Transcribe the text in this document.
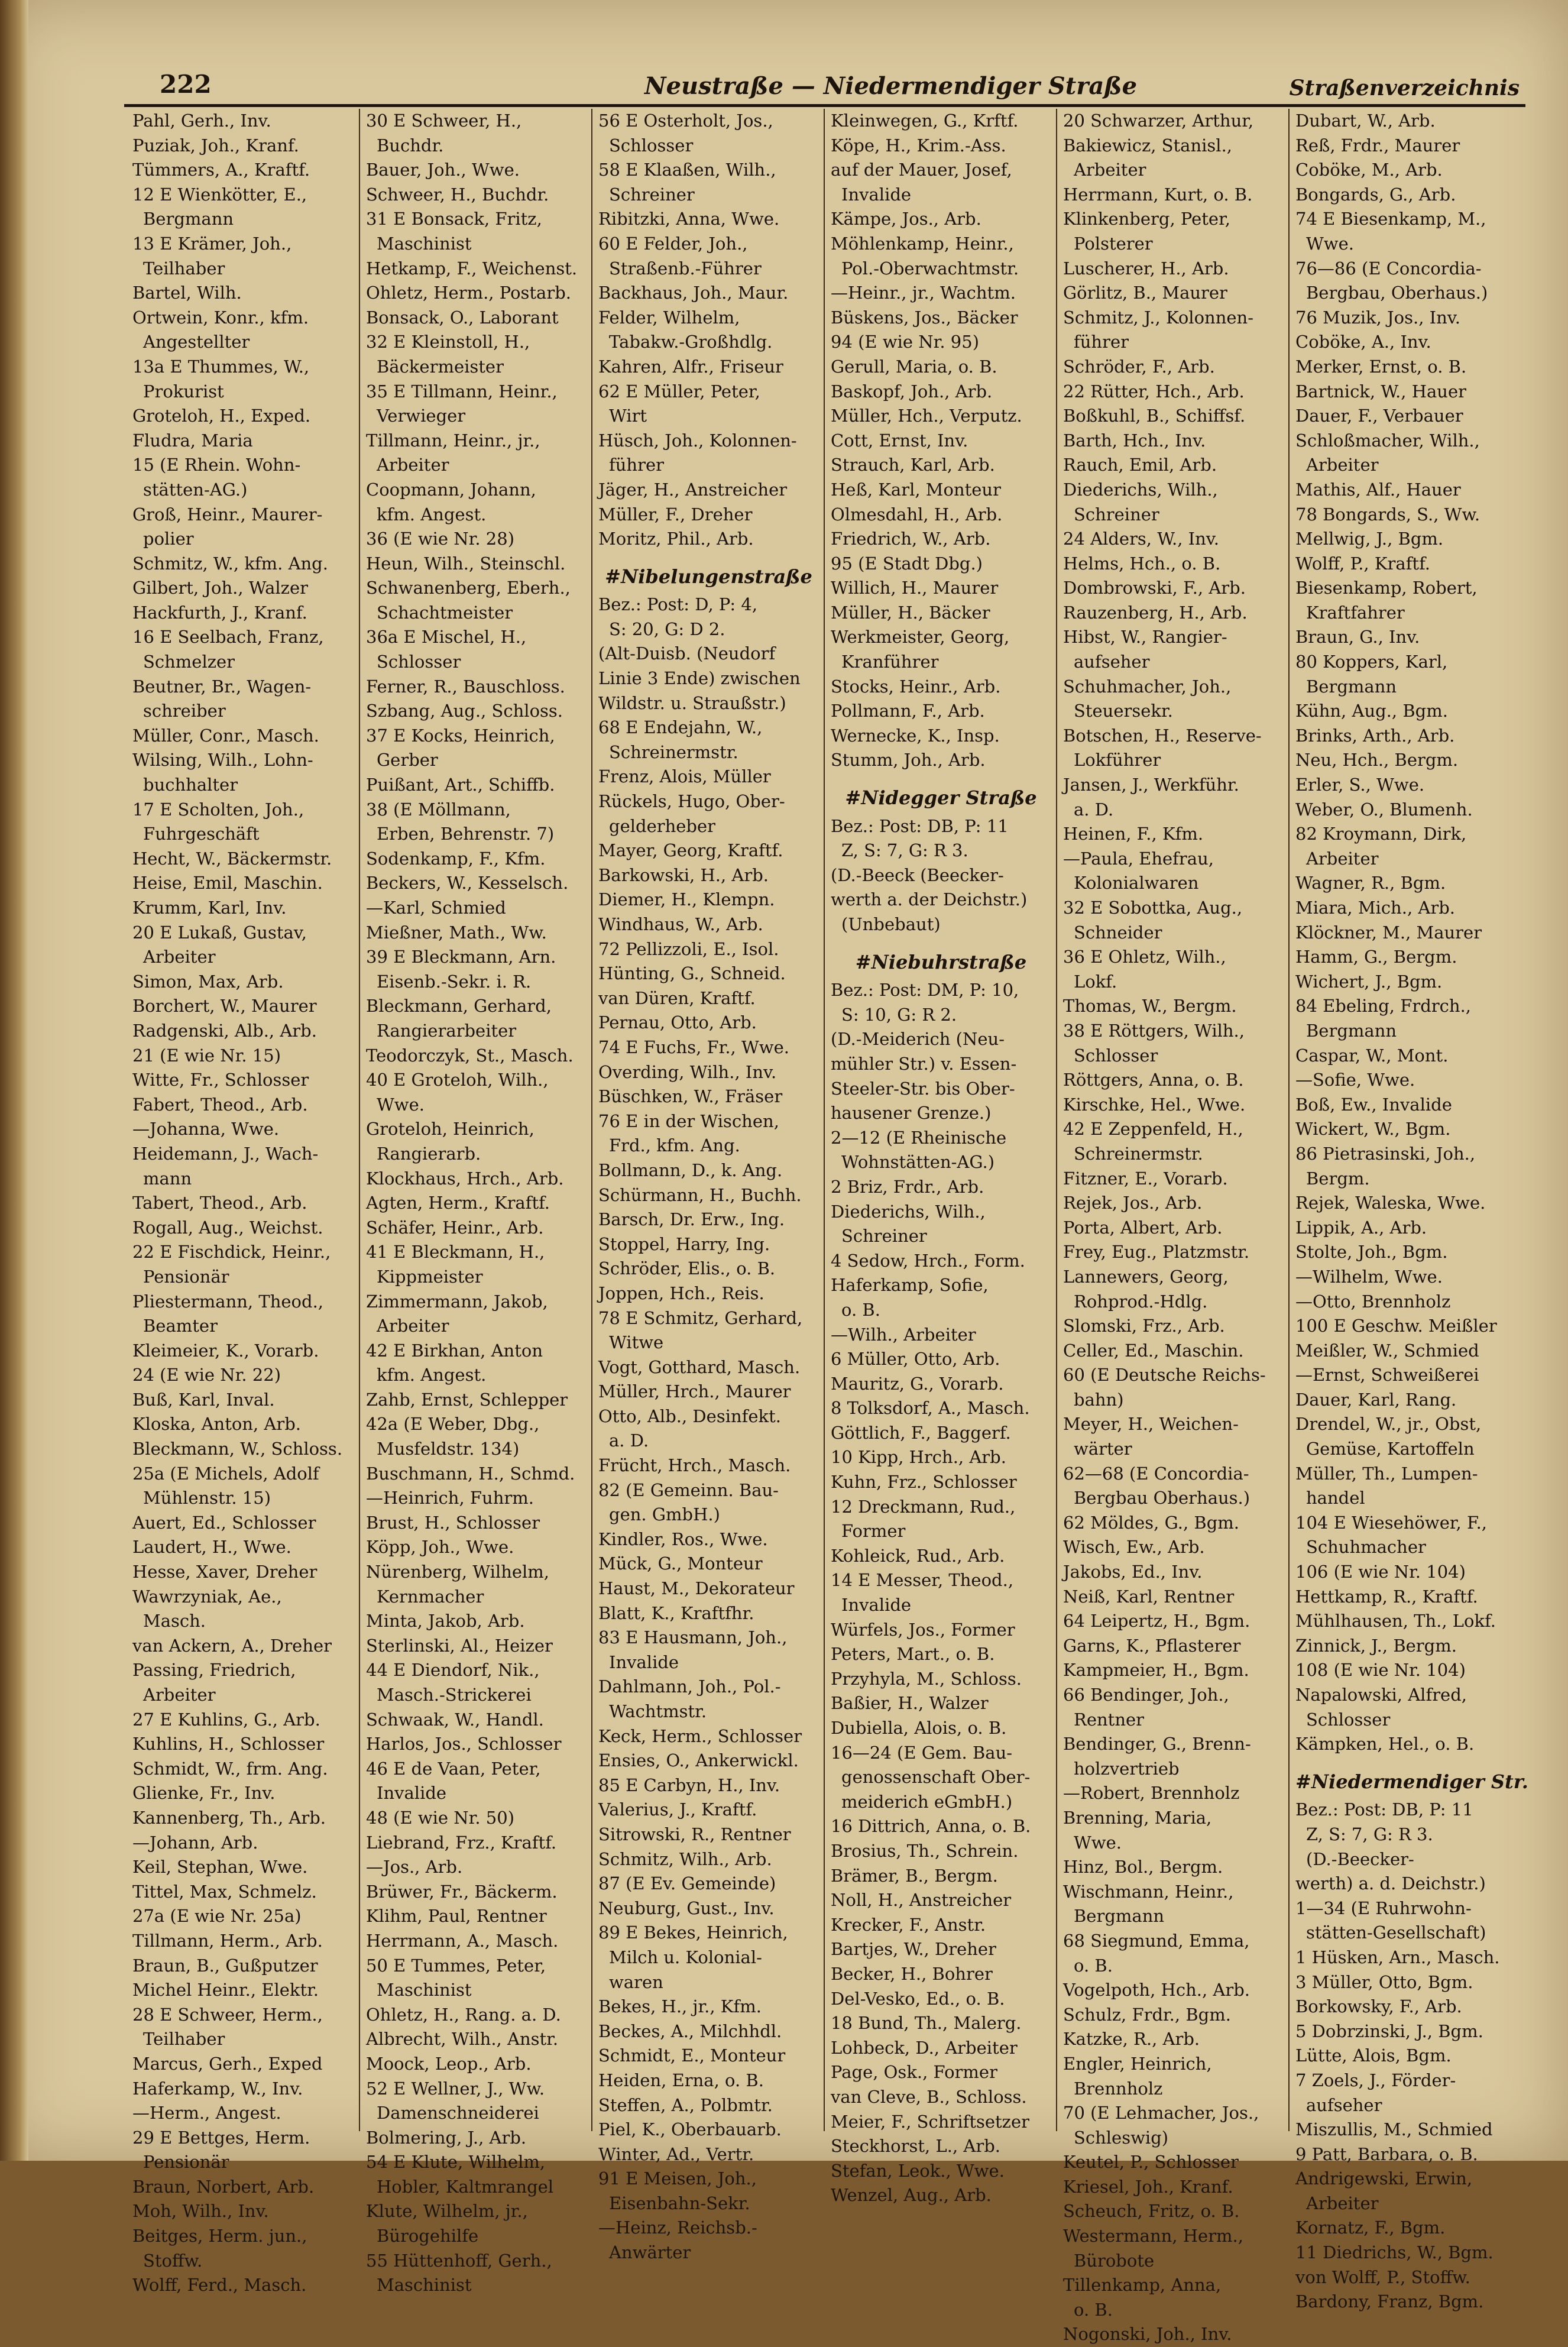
222	Neustraße — Niedermendiger Straße	Straßenverzeichnis
Pahl, Gerh., Inv.
Puziak, Joh., Kranf.
Tümmers, A., Kraftf.
12 E Wienkötter, E.,
Bergmann
13 E Krämer, Joh.,
Teilhaber
Bartel, Wilh.
Ortwein, Konr., kfm.
Angestellter
13a E Thummes, W.,
Prokurist
Groteloh, H., Exped.
Fludra, Maria
15 (E Rhein. Wohn-
stätten-AG.)
Groß, Heinr., Maurer-
polier
Schmitz, W., kfm. Ang.
Gilbert, Joh., Walzer
Hackfurth, J., Kranf.
16 E Seelbach, Franz,
Schmelzer
Beutner, Br., Wagen-
schreiber
Müller, Conr., Masch.
Wilsing, Wilh., Lohn-
buchhalter
17 E Scholten, Joh.,
Fuhrgeschäft
Hecht, W., Bäckermstr.
Heise, Emil, Maschin.
Krumm, Karl, Inv.
20 E Lukaß, Gustav,
Arbeiter
Simon, Max, Arb.
Borchert, W., Maurer
Radgenski, Alb., Arb.
21 (E wie Nr. 15)
Witte, Fr., Schlosser
Fabert, Theod., Arb.
—Johanna, Wwe.
Heidemann, J., Wach-
mann
Tabert, Theod., Arb.
Rogall, Aug., Weichst.
22 E Fischdick, Heinr.,
Pensionär
Pliestermann, Theod.,
Beamter
Kleimeier, K., Vorarb.
24 (E wie Nr. 22)
Buß, Karl, Inval.
Kloska, Anton, Arb.
Bleckmann, W., Schloss.
25a (E Michels, Adolf
Mühlenstr. 15)
Auert, Ed., Schlosser
Laudert, H., Wwe.
Hesse, Xaver, Dreher
Wawrzyniak, Ae.,
Masch.
van Ackern, A., Dreher
Passing, Friedrich,
Arbeiter
27 E Kuhlins, G., Arb.
Kuhlins, H., Schlosser
Schmidt, W., frm. Ang.
Glienke, Fr., Inv.
Kannenberg, Th., Arb.
—Johann, Arb.
Keil, Stephan, Wwe.
Tittel, Max, Schmelz.
27a (E wie Nr. 25a)
Tillmann, Herm., Arb.
Braun, B., Gußputzer
Michel Heinr., Elektr.
28 E Schweer, Herm.,
Teilhaber
Marcus, Gerh., Exped
Haferkamp, W., Inv.
—Herm., Angest.
29 E Bettges, Herm.
Pensionär
Braun, Norbert, Arb.
Moh, Wilh., Inv.
Beitges, Herm. jun.,
Stoffw.
Wolff, Ferd., Masch.
30 E Schweer, H.,
Buchdr.
Bauer, Joh., Wwe.
Schweer, H., Buchdr.
31 E Bonsack, Fritz,
Maschinist
Hetkamp, F., Weichenst.
Ohletz, Herm., Postarb.
Bonsack, O., Laborant
32 E Kleinstoll, H.,
Bäckermeister
35 E Tillmann, Heinr.,
Verwieger
Tillmann, Heinr., jr.,
Arbeiter
Coopmann, Johann,
kfm. Angest.
36 (E wie Nr. 28)
Heun, Wilh., Steinschl.
Schwanenberg, Eberh.,
Schachtmeister
36a E Mischel, H.,
Schlosser
Ferner, R., Bauschloss.
Szbang, Aug., Schloss.
37 E Kocks, Heinrich,
Gerber
Puißant, Art., Schiffb.
38 (E Möllmann,
Erben, Behrenstr. 7)
Sodenkamp, F., Kfm.
Beckers, W., Kesselsch.
—Karl, Schmied
Mießner, Math., Ww.
39 E Bleckmann, Arn.
Eisenb.-Sekr. i. R.
Bleckmann, Gerhard,
Rangierarbeiter
Teodorczyk, St., Masch.
40 E Groteloh, Wilh.,
Wwe.
Groteloh, Heinrich,
Rangierarb.
Klockhaus, Hrch., Arb.
Agten, Herm., Kraftf.
Schäfer, Heinr., Arb.
41 E Bleckmann, H.,
Kippmeister
Zimmermann, Jakob,
Arbeiter
42 E Birkhan, Anton
kfm. Angest.
Zahb, Ernst, Schlepper
42a (E Weber, Dbg.,
Musfeldstr. 134)
Buschmann, H., Schmd.
—Heinrich, Fuhrm.
Brust, H., Schlosser
Köpp, Joh., Wwe.
Nürenberg, Wilhelm,
Kernmacher
Minta, Jakob, Arb.
Sterlinski, Al., Heizer
44 E Diendorf, Nik.,
Masch.-Strickerei
Schwaak, W., Handl.
Harlos, Jos., Schlosser
46 E de Vaan, Peter,
Invalide
48 (E wie Nr. 50)
Liebrand, Frz., Kraftf.
—Jos., Arb.
Brüwer, Fr., Bäckerm.
Klihm, Paul, Rentner
Herrmann, A., Masch.
50 E Tummes, Peter,
Maschinist
Ohletz, H., Rang. a. D.
Albrecht, Wilh., Anstr.
Moock, Leop., Arb.
52 E Wellner, J., Ww.
Damenschneiderei
Bolmering, J., Arb.
54 E Klute, Wilhelm,
Hobler, Kaltmrangel
Klute, Wilhelm, jr.,
Bürogehilfe
55 Hüttenhoff, Gerh.,
Maschinist
56 E Osterholt, Jos.,
Schlosser
58 E Klaaßen, Wilh.,
Schreiner
Ribitzki, Anna, Wwe.
60 E Felder, Joh.,
Straßenb.-Führer
Backhaus, Joh., Maur.
Felder, Wilhelm,
Tabakw.-Großhdlg.
Kahren, Alfr., Friseur
62 E Müller, Peter,
Wirt
Hüsch, Joh., Kolonnen-
führer
Jäger, H., Anstreicher
Müller, F., Dreher
Moritz, Phil., Arb.
#Nibelungenstraße
Bez.: Post: D, P: 4,
S: 20, G: D 2.
(Alt-Duisb. (Neudorf
Linie 3 Ende) zwischen
Wildstr. u. Straußstr.)
68 E Endejahn, W.,
Schreinermstr.
Frenz, Alois, Müller
Rückels, Hugo, Ober-
gelderheber
Mayer, Georg, Kraftf.
Barkowski, H., Arb.
Diemer, H., Klempn.
Windhaus, W., Arb.
72 Pellizzoli, E., Isol.
Hünting, G., Schneid.
van Düren, Kraftf.
Pernau, Otto, Arb.
74 E Fuchs, Fr., Wwe.
Overding, Wilh., Inv.
Büschken, W., Fräser
76 E in der Wischen,
Frd., kfm. Ang.
Bollmann, D., k. Ang.
Schürmann, H., Buchh.
Barsch, Dr. Erw., Ing.
Stoppel, Harry, Ing.
Schröder, Elis., o. B.
Joppen, Hch., Reis.
78 E Schmitz, Gerhard,
Witwe
Vogt, Gotthard, Masch.
Müller, Hrch., Maurer
Otto, Alb., Desinfekt.
a. D.
Frücht, Hrch., Masch.
82 (E Gemeinn. Bau-
gen. GmbH.)
Kindler, Ros., Wwe.
Mück, G., Monteur
Haust, M., Dekorateur
Blatt, K., Kraftfhr.
83 E Hausmann, Joh.,
Invalide
Dahlmann, Joh., Pol.-
Wachtmstr.
Keck, Herm., Schlosser
Ensies, O., Ankerwickl.
85 E Carbyn, H., Inv.
Valerius, J., Kraftf.
Sitrowski, R., Rentner
Schmitz, Wilh., Arb.
87 (E Ev. Gemeinde)
Neuburg, Gust., Inv.
89 E Bekes, Heinrich,
Milch u. Kolonial-
waren
Bekes, H., jr., Kfm.
Beckes, A., Milchhdl.
Schmidt, E., Monteur
Heiden, Erna, o. B.
Steffen, A., Polbmtr.
Piel, K., Oberbauarb.
Winter, Ad., Vertr.
91 E Meisen, Joh.,
Eisenbahn-Sekr.
—Heinz, Reichsb.-
Anwärter
Kleinwegen, G., Krftf.
Köpe, H., Krim.-Ass.
auf der Mauer, Josef,
Invalide
Kämpe, Jos., Arb.
Möhlenkamp, Heinr.,
Pol.-Oberwachtmstr.
—Heinr., jr., Wachtm.
Büskens, Jos., Bäcker
94 (E wie Nr. 95)
Gerull, Maria, o. B.
Baskopf, Joh., Arb.
Müller, Hch., Verputz.
Cott, Ernst, Inv.
Strauch, Karl, Arb.
Heß, Karl, Monteur
Olmesdahl, H., Arb.
Friedrich, W., Arb.
95 (E Stadt Dbg.)
Willich, H., Maurer
Müller, H., Bäcker
Werkmeister, Georg,
Kranführer
Stocks, Heinr., Arb.
Pollmann, F., Arb.
Wernecke, K., Insp.
Stumm, Joh., Arb.
#Nidegger Straße
Bez.: Post: DB, P: 11
Z, S: 7, G: R 3.
(D.-Beeck (Beecker-
werth a. der Deichstr.)
(Unbebaut)
#Niebuhrstraße
Bez.: Post: DM, P: 10,
S: 10, G: R 2.
(D.-Meiderich (Neu-
mühler Str.) v. Essen-
Steeler-Str. bis Ober-
hausener Grenze.)
2—12 (E Rheinische
Wohnstätten-AG.)
2 Briz, Frdr., Arb.
Diederichs, Wilh.,
Schreiner
4 Sedow, Hrch., Form.
Haferkamp, Sofie,
o. B.
—Wilh., Arbeiter
6 Müller, Otto, Arb.
Mauritz, G., Vorarb.
8 Tolksdorf, A., Masch.
Göttlich, F., Baggerf.
10 Kipp, Hrch., Arb.
Kuhn, Frz., Schlosser
12 Dreckmann, Rud.,
Former
Kohleick, Rud., Arb.
14 E Messer, Theod.,
Invalide
Würfels, Jos., Former
Peters, Mart., o. B.
Przyhyla, M., Schloss.
Baßier, H., Walzer
Dubiella, Alois, o. B.
16—24 (E Gem. Bau-
genossenschaft Ober-
meiderich eGmbH.)
16 Dittrich, Anna, o. B.
Brosius, Th., Schrein.
Brämer, B., Bergm.
Noll, H., Anstreicher
Krecker, F., Anstr.
Bartjes, W., Dreher
Becker, H., Bohrer
Del-Vesko, Ed., o. B.
18 Bund, Th., Malerg.
Lohbeck, D., Arbeiter
Page, Osk., Former
van Cleve, B., Schloss.
Meier, F., Schriftsetzer
Steckhorst, L., Arb.
Stefan, Leok., Wwe.
Wenzel, Aug., Arb.
20 Schwarzer, Arthur,
Bakiewicz, Stanisl.,
Arbeiter
Herrmann, Kurt, o. B.
Klinkenberg, Peter,
Polsterer
Luscherer, H., Arb.
Görlitz, B., Maurer
Schmitz, J., Kolonnen-
führer
Schröder, F., Arb.
22 Rütter, Hch., Arb.
Boßkuhl, B., Schiffsf.
Barth, Hch., Inv.
Rauch, Emil, Arb.
Diederichs, Wilh.,
Schreiner
24 Alders, W., Inv.
Helms, Hch., o. B.
Dombrowski, F., Arb.
Rauzenberg, H., Arb.
Hibst, W., Rangier-
aufseher
Schuhmacher, Joh.,
Steuersekr.
Botschen, H., Reserve-
Lokführer
Jansen, J., Werkführ.
a. D.
Heinen, F., Kfm.
—Paula, Ehefrau,
Kolonialwaren
32 E Sobottka, Aug.,
Schneider
36 E Ohletz, Wilh.,
Lokf.
Thomas, W., Bergm.
38 E Röttgers, Wilh.,
Schlosser
Röttgers, Anna, o. B.
Kirschke, Hel., Wwe.
42 E Zeppenfeld, H.,
Schreinermstr.
Fitzner, E., Vorarb.
Rejek, Jos., Arb.
Porta, Albert, Arb.
Frey, Eug., Platzmstr.
Lannewers, Georg,
Rohprod.-Hdlg.
Slomski, Frz., Arb.
Celler, Ed., Maschin.
60 (E Deutsche Reichs-
bahn)
Meyer, H., Weichen-
wärter
62—68 (E Concordia-
Bergbau Oberhaus.)
62 Möldes, G., Bgm.
Wisch, Ew., Arb.
Jakobs, Ed., Inv.
Neiß, Karl, Rentner
64 Leipertz, H., Bgm.
Garns, K., Pflasterer
Kampmeier, H., Bgm.
66 Bendinger, Joh.,
Rentner
Bendinger, G., Brenn-
holzvertrieb
—Robert, Brennholz
Brenning, Maria,
Wwe.
Hinz, Bol., Bergm.
Wischmann, Heinr.,
Bergmann
68 Siegmund, Emma,
o. B.
Vogelpoth, Hch., Arb.
Schulz, Frdr., Bgm.
Katzke, R., Arb.
Engler, Heinrich,
Brennholz
70 (E Lehmacher, Jos.,
Schleswig)
Keutel, P., Schlosser
Kriesel, Joh., Kranf.
Scheuch, Fritz, o. B.
Westermann, Herm.,
Bürobote
Tillenkamp, Anna,
o. B.
Nogonski, Joh., Inv.
Dubart, W., Arb.
Reß, Frdr., Maurer
Coböke, M., Arb.
Bongards, G., Arb.
74 E Biesenkamp, M.,
Wwe.
76—86 (E Concordia-
Bergbau, Oberhaus.)
76 Muzik, Jos., Inv.
Coböke, A., Inv.
Merker, Ernst, o. B.
Bartnick, W., Hauer
Dauer, F., Verbauer
Schloßmacher, Wilh.,
Arbeiter
Mathis, Alf., Hauer
78 Bongards, S., Ww.
Mellwig, J., Bgm.
Wolff, P., Kraftf.
Biesenkamp, Robert,
Kraftfahrer
Braun, G., Inv.
80 Koppers, Karl,
Bergmann
Kühn, Aug., Bgm.
Brinks, Arth., Arb.
Neu, Hch., Bergm.
Erler, S., Wwe.
Weber, O., Blumenh.
82 Kroymann, Dirk,
Arbeiter
Wagner, R., Bgm.
Miara, Mich., Arb.
Klöckner, M., Maurer
Hamm, G., Bergm.
Wichert, J., Bgm.
84 Ebeling, Frdrch.,
Bergmann
Caspar, W., Mont.
—Sofie, Wwe.
Boß, Ew., Invalide
Wickert, W., Bgm.
86 Pietrasinski, Joh.,
Bergm.
Rejek, Waleska, Wwe.
Lippik, A., Arb.
Stolte, Joh., Bgm.
—Wilhelm, Wwe.
—Otto, Brennholz
100 E Geschw. Meißler
Meißler, W., Schmied
—Ernst, Schweißerei
Dauer, Karl, Rang.
Drendel, W., jr., Obst,
Gemüse, Kartoffeln
Müller, Th., Lumpen-
handel
104 E Wiesehöwer, F.,
Schuhmacher
106 (E wie Nr. 104)
Hettkamp, R., Kraftf.
Mühlhausen, Th., Lokf.
Zinnick, J., Bergm.
108 (E wie Nr. 104)
Napalowski, Alfred,
Schlosser
Kämpken, Hel., o. B.
#Niedermendiger Str.
Bez.: Post: DB, P: 11
Z, S: 7, G: R 3.
(D.-Beecker-
werth) a. d. Deichstr.)
1—34 (E Ruhrwohn-
stätten-Gesellschaft)
1 Hüsken, Arn., Masch.
3 Müller, Otto, Bgm.
Borkowsky, F., Arb.
5 Dobrzinski, J., Bgm.
Lütte, Alois, Bgm.
7 Zoels, J., Förder-
aufseher
Miszullis, M., Schmied
9 Patt, Barbara, o. B.
Andrigewski, Erwin,
Arbeiter
Kornatz, F., Bgm.
11 Diedrichs, W., Bgm.
von Wolff, P., Stoffw.
Bardony, Franz, Bgm.
